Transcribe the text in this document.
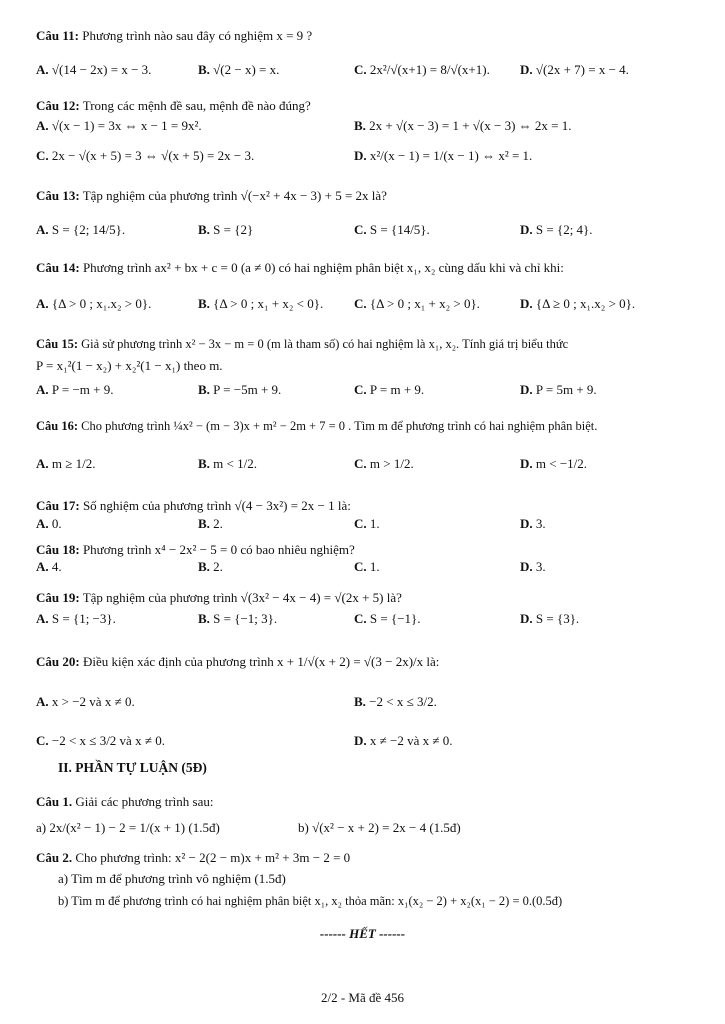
Câu 11: Phương trình nào sau đây có nghiệm x = 9 ?
A. √(14 − 2x) = x − 3.	B. √(2 − x) = x.	C. 2x²/√(x+1) = 8/√(x+1). D. √(2x + 7) = x − 4.
Câu 12: Trong các mệnh đề sau, mệnh đề nào đúng?
A. √(x − 1) = 3x ⇔ x − 1 = 9x².	B. 2x + √(x − 3) = 1 + √(x − 3) ⇔ 2x = 1.
C. 2x − √(x + 5) = 3 ⇔ √(x + 5) = 2x − 3.	D. x²/(x − 1) = 1/(x − 1) ⇔ x² = 1.
Câu 13: Tập nghiệm của phương trình √(−x² + 4x − 3) + 5 = 2x là?
A. S = {2; 14/5}.	B. S = {2}	C. S = {14/5}.	D. S = {2; 4}.
Câu 14: Phương trình ax² + bx + c = 0 (a ≠ 0) có hai nghiệm phân biệt x₁, x₂ cùng dấu khi và chỉ khi:
A. {Δ > 0 ; x₁.x₂ > 0}.	B. {Δ > 0 ; x₁ + x₂ < 0}. C. {Δ > 0 ; x₁ + x₂ > 0}.	D. {Δ ≥ 0 ; x₁.x₂ > 0}.
Câu 15: Giả sử phương trình x² − 3x − m = 0 (m là tham số) có hai nghiệm là x₁, x₂. Tính giá trị biểu thức
P = x₁²(1 − x₂) + x₂²(1 − x₁) theo m.
A. P = −m + 9.	B. P = −5m + 9.	C. P = m + 9.	D. P = 5m + 9.
Câu 16: Cho phương trình ¼x² − (m − 3)x + m² − 2m + 7 = 0 . Tìm m để phương trình có hai nghiệm phân biệt.
A. m ≥ 1/2.	B. m < 1/2.	C. m > 1/2.	D. m < −1/2.
Câu 17: Số nghiệm của phương trình √(4 − 3x²) = 2x − 1 là:
A. 0.	B. 2.	C. 1.	D. 3.
Câu 18: Phương trình x⁴ − 2x² − 5 = 0 có bao nhiêu nghiệm?
A. 4.	B. 2.	C. 1.	D. 3.
Câu 19: Tập nghiệm của phương trình √(3x² − 4x − 4) = √(2x + 5) là?
A. S = {1; −3}.	B. S = {−1; 3}.	C. S = {−1}.	D. S = {3}.
Câu 20: Điều kiện xác định của phương trình x + 1/√(x + 2) = √(3 − 2x)/x là:
A. x > −2 và x ≠ 0.	B. −2 < x ≤ 3/2.
C. −2 < x ≤ 3/2 và x ≠ 0.	D. x ≠ −2 và x ≠ 0.
II. PHẦN TỰ LUẬN (5Đ)
Câu 1. Giải các phương trình sau:
a) 2x/(x² − 1) − 2 = 1/(x + 1) (1.5đ)	b) √(x² − x + 2) = 2x − 4 (1.5đ)
Câu 2. Cho phương trình: x² − 2(2 − m)x + m² + 3m − 2 = 0
a) Tìm m để phương trình vô nghiệm (1.5đ)
b) Tìm m để phương trình có hai nghiệm phân biệt x₁, x₂ thỏa mãn: x₁(x₂ − 2) + x₂(x₁ − 2) = 0.(0.5đ)
------ HẾT ------
2/2 - Mã đề 456
